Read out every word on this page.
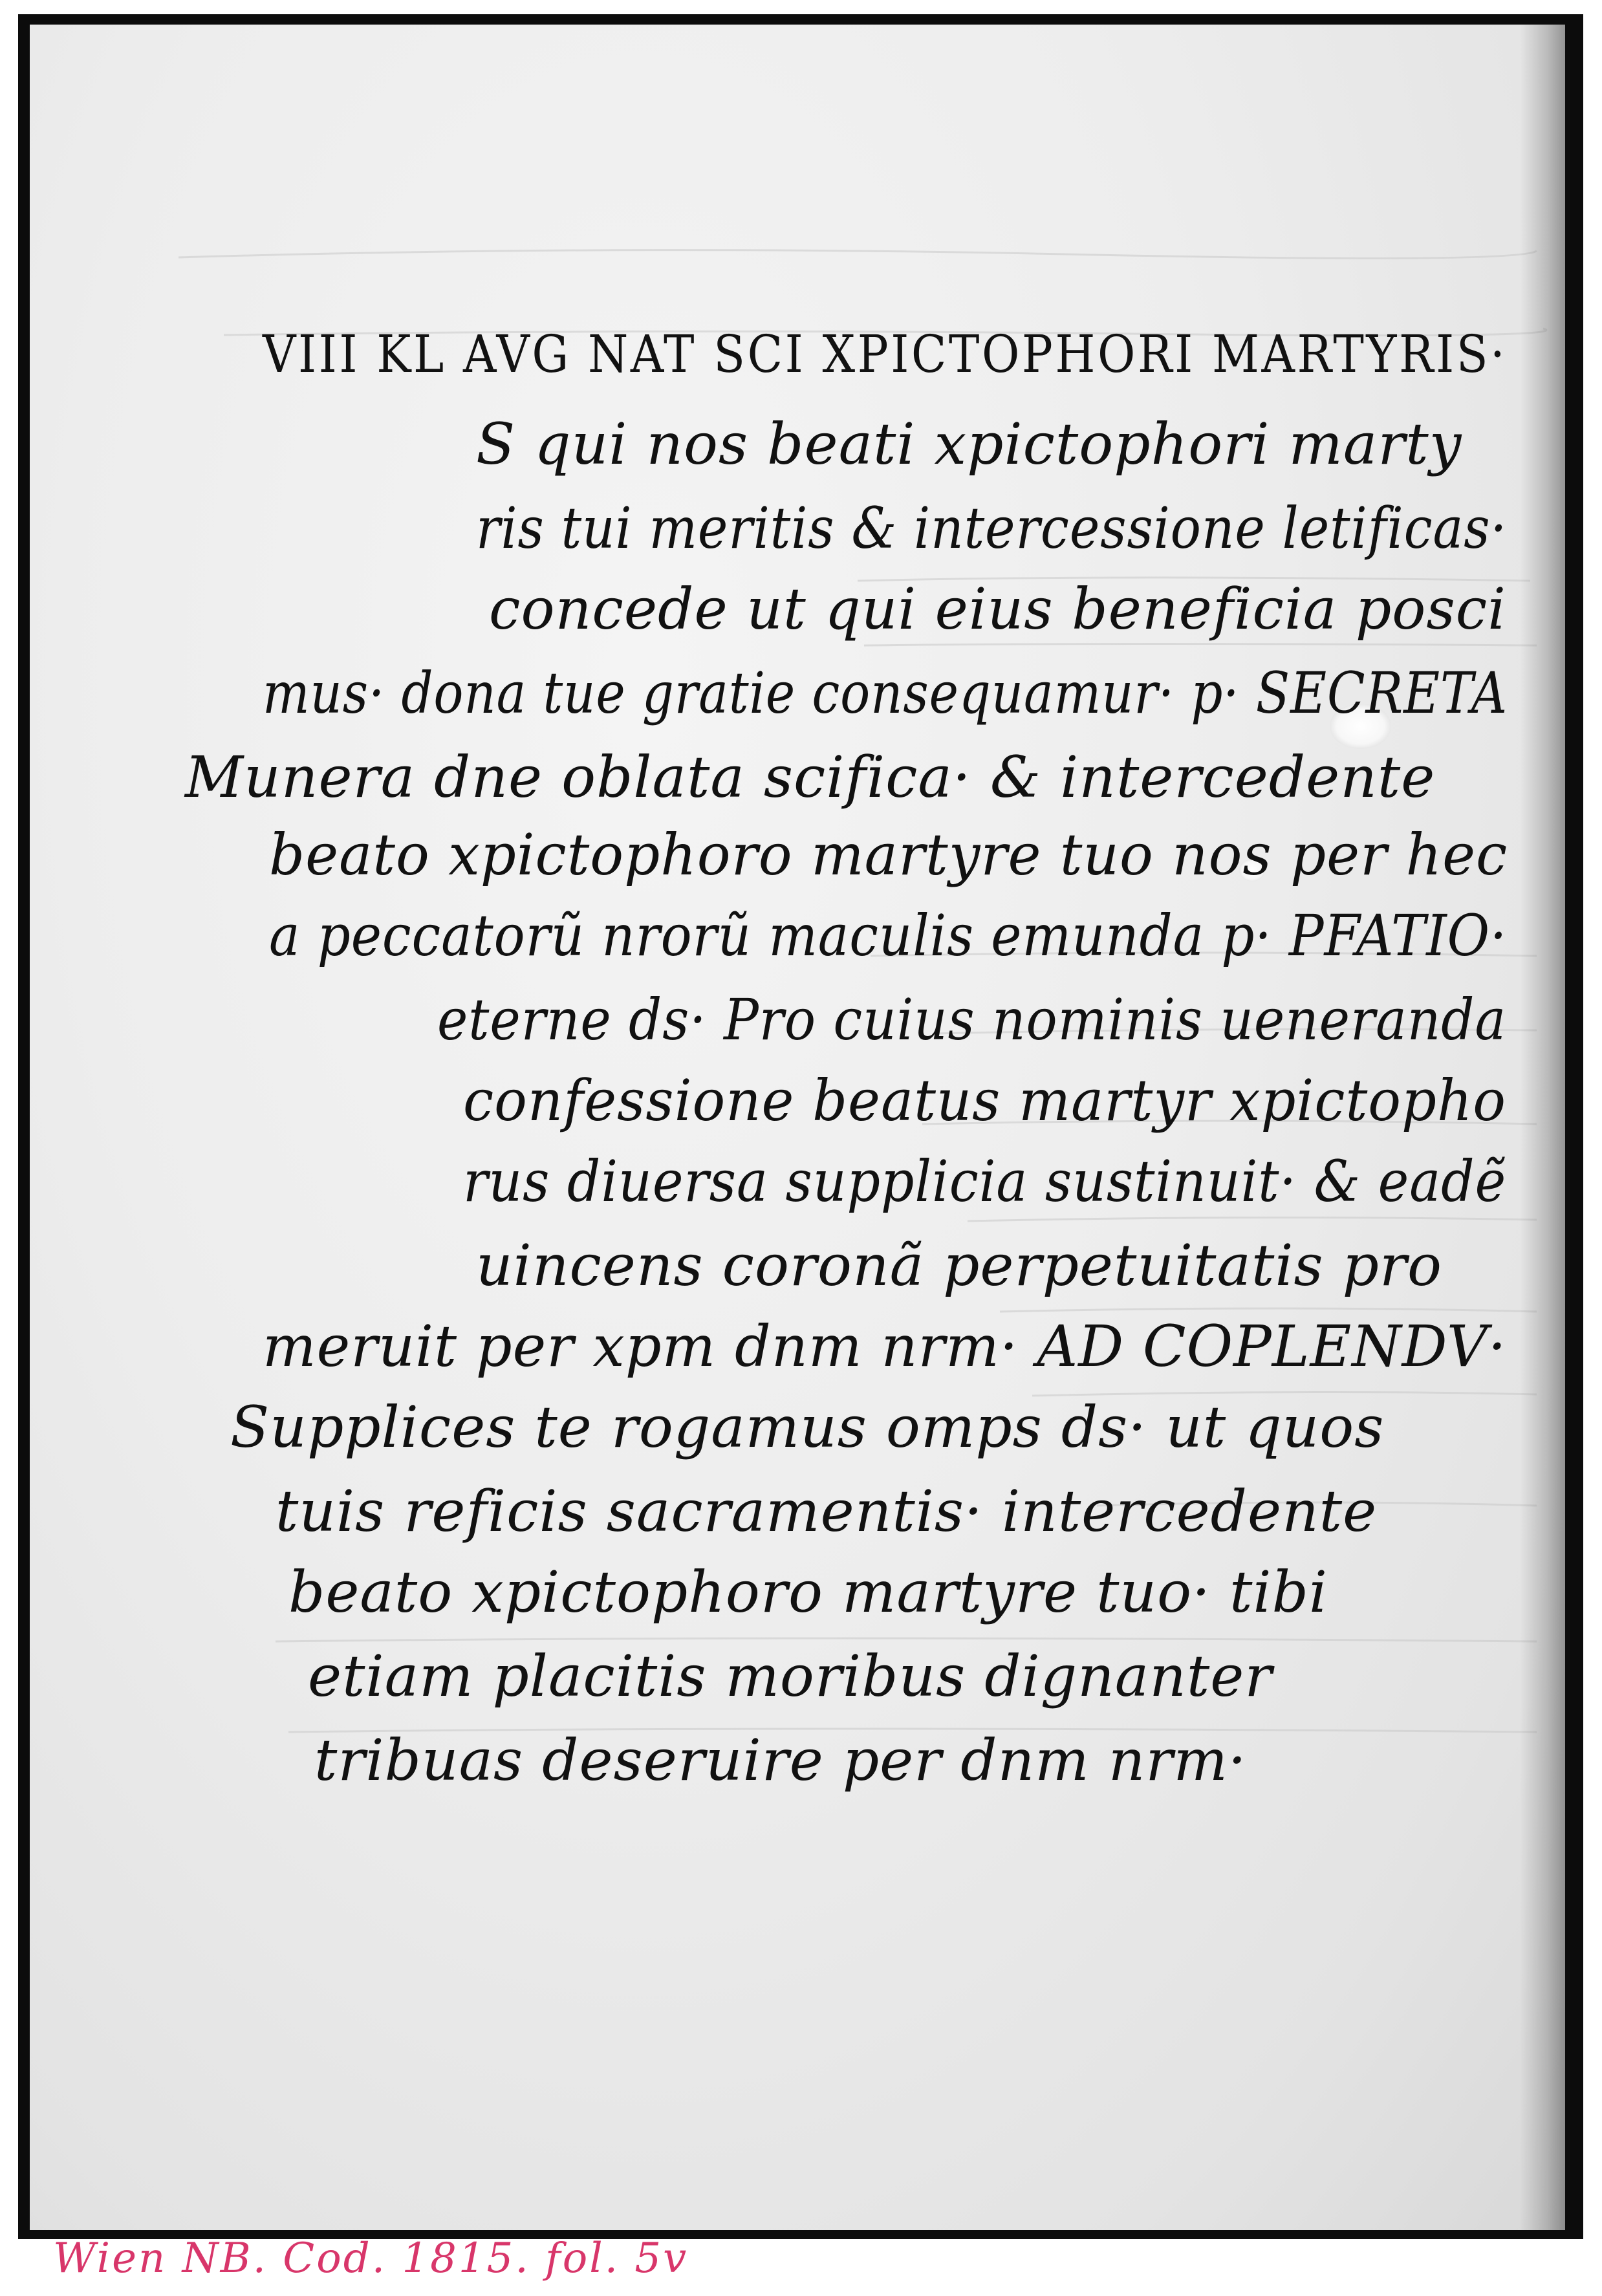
VIII KL AVG NAT SCI XPICTOPHORI MARTYRIS·
S qui nos beati xpictophori marty
ris tui meritis & intercessione letificas·
concede ut qui eius beneficia posci
mus· dona tue gratie consequamur· p· SECRETA
Munera dne oblata scifica· & intercedente
beato xpictophoro martyre tuo nos per hec
a peccatorũ nrorũ maculis emunda p· PFATIO·
eterne ds· Pro cuius nominis ueneranda
confessione beatus martyr xpictopho
rus diuersa supplicia sustinuit· & eadẽ
uincens coronã perpetuitatis pro
meruit per xpm dnm nrm· AD COPLENDV·
Supplices te rogamus omps ds· ut quos
tuis reficis sacramentis· intercedente
beato xpictophoro martyre tuo· tibi
etiam placitis moribus dignanter
tribuas deseruire per dnm nrm·
Wien NB. Cod. 1815. fol. 5v
